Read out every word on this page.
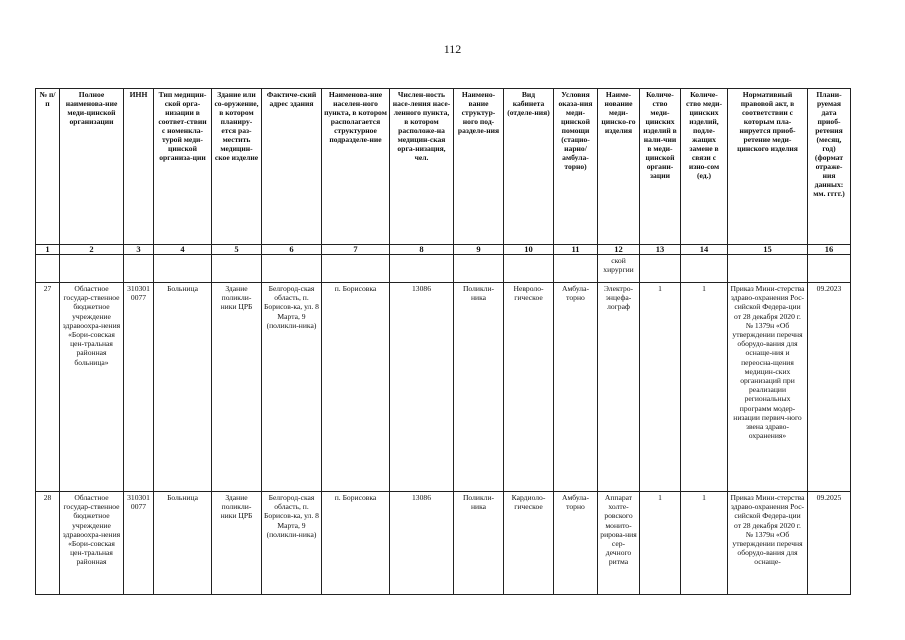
112
№ п/п	Полное наименова-ние меди-цинской организации	ИНН	Тип медицин-ской орга-низации в соответ-ствии с номенкла-турой меди-цинской организа-ции	Здание или со-оружение, в котором планиру-ется раз-местить медицин-ское изделие	Фактиче-ский адрес здания	Наименова-ние населен-ного пункта, в котором располагается структурное подразделе-ние	Числен-ность насе-ления насе-ленного пункта, в котором расположе-на медицин-ская орга-низация, чел.	Наимено-вание структур-ного под-разделе-ния	Вид кабинета (отделе-ния)	Условия оказа-ния меди-цинской помощи (стацио-нарно/ амбула-торно)	Наиме-нование меди-цинско-го изделия	Количе-ство меди-цинских изделий в нали-чии в меди-цинской органи-зации	Количе-ство меди-цинских изделий, подле-жащих замене в связи с изно-сом (ед.)	Нормативный правовой акт, в соответствии с которым пла-нируется приоб-ретение меди-цинского изделия	Плани-руемая дата приоб-ретения (месяц, год) (формат отраже-ния данных: мм. гггг.)
1	2	3	4	5	6	7	8	9	10	11	12	13	14	15	16
											ской хирургии				
27	Областное государ-ственное бюджетное учреждение здравоохра-нения «Бори-совская цен-тральная районная больница»	3103010077	Больница	Здание поликли-ники ЦРБ	Белгород-ская область, п. Борисов-ка, ул. 8 Марта, 9 (поликли-ника)	п. Борисовка	13086	Поликли-ника	Невроло-гическое	Амбула-торно	Электро-энцефа-лограф	1	1	Приказ Мини-стерства здраво-охранения Рос-сийской Федера-ции от 28 декабря 2020 г. № 1379н «Об утверждении перечня оборудо-вания для оснаще-ния и переосна-щения медицин-ских организаций при реализации региональных программ модер-низации первич-ного звена здраво-охранения»	09.2023
28	Областное государ-ственное бюджетное учреждение здравоохра-нения «Бори-совская цен-тральная районная	3103010077	Больница	Здание поликли-ники ЦРБ	Белгород-ская область, п. Борисов-ка, ул. 8 Марта, 9 (поликли-ника)	п. Борисовка	13086	Поликли-ника	Кардиоло-гическое	Амбула-торно	Аппарат холте-ровского монито-рирова-ния сер-дечного ритма	1	1	Приказ Мини-стерства здраво-охранения Рос-сийской Федера-ции от 28 декабря 2020 г. № 1379н «Об утверждении перечня оборудо-вания для оснаще-	09.2025
